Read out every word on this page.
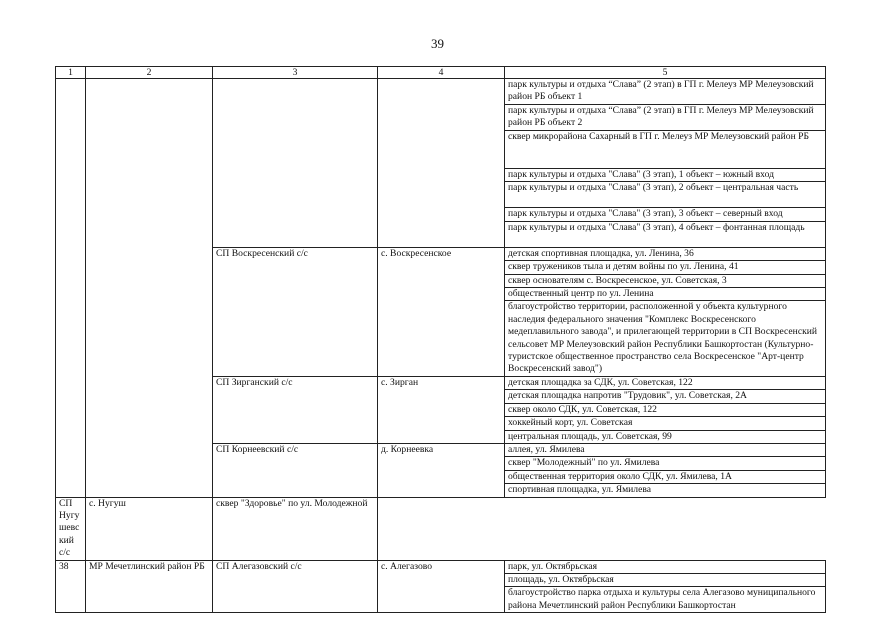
39
1	2	3	4	5
				парк культуры и отдыха “Слава” (2 этап) в ГП г. Мелеуз МР Мелеузовский район РБ объект 1
				парк культуры и отдыха “Слава” (2 этап) в ГП г. Мелеуз МР Мелеузовский район РБ объект 2
				сквер микрорайона Сахарный в ГП г. Мелеуз МР Мелеузовский район РБ
				парк культуры и отдыха "Слава" (3 этап), 1 объект – южный вход
				парк культуры и отдыха "Слава" (3 этап), 2 объект – центральная часть
				парк культуры и отдыха "Слава" (3 этап), 3 объект – северный вход
				парк культуры и отдыха "Слава" (3 этап), 4 объект – фонтанная площадь
		СП Воскресенский с/с	с. Воскресенское	детская спортивная площадка, ул. Ленина, 36
				сквер тружеников тыла и детям войны по ул. Ленина, 41
				сквер основателям с. Воскресенское, ул. Советская, 3
				общественный центр по ул. Ленина
				благоустройство территории, расположенной у объекта культурного наследия федерального значения "Комплекс Воскресенского медеплавильного завода", и прилегающей территории в СП Воскресенский сельсовет МР Мелеузовский район Республики Башкортостан (Культурно-туристское общественное пространство села Воскресенское "Арт-центр Воскресенский завод")
		СП Зирганский с/с	с. Зирган	детская площадка за СДК, ул. Советская, 122
				детская площадка напротив "Трудовик", ул. Советская, 2А
				сквер около СДК, ул. Советская, 122
				хоккейный корт, ул. Советская
				центральная площадь, ул. Советская, 99
		СП Корнеевский с/с	д. Корнеевка	аллея, ул. Ямилева
				сквер "Молодежный" по ул. Ямилева
				общественная территория около СДК, ул. Ямилева, 1А
				спортивная площадка, ул. Ямилева
СП Нугушевский с/с	с. Нугуш	сквер "Здоровье" по ул. Молодежной		
38	МР Мечетлинский район РБ	СП Алегазовский с/с	с. Алегазово	парк, ул. Октябрьская
				площадь, ул. Октябрьская
				благоустройство парка отдыха и культуры села Алегазово муниципального района Мечетлинский район Республики Башкортостан
